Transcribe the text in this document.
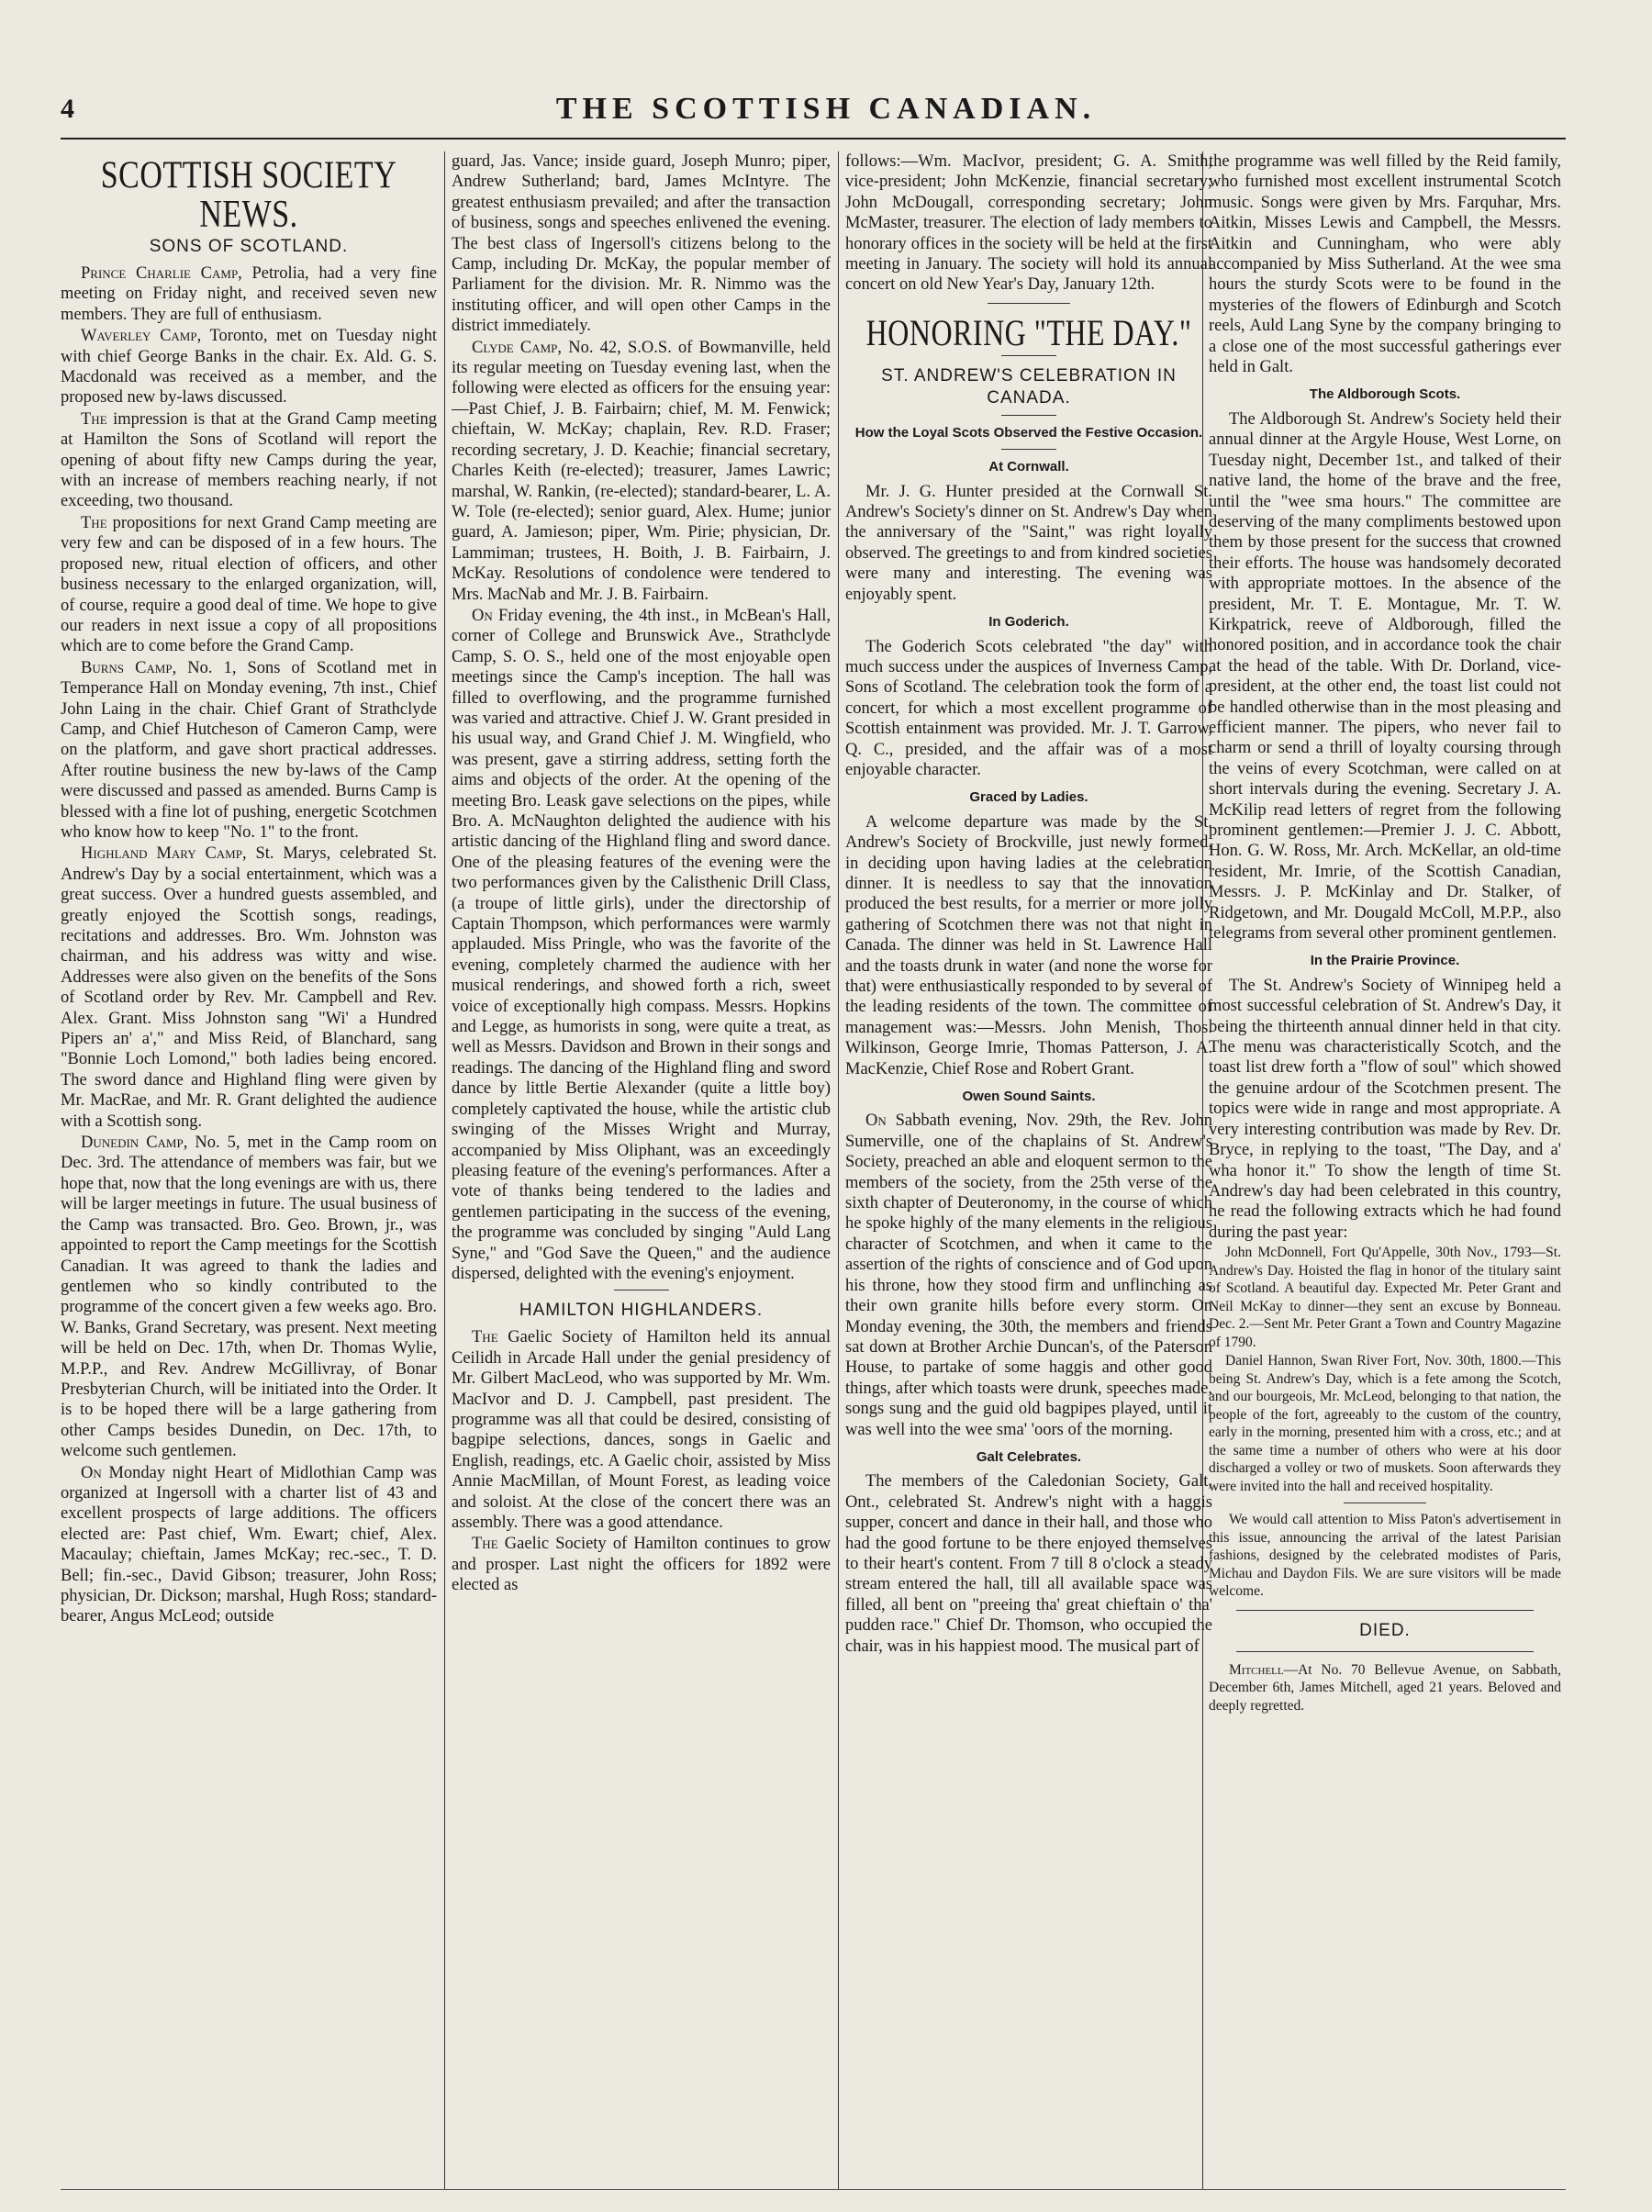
4	THE SCOTTISH CANADIAN.
SCOTTISH SOCIETY NEWS.
SONS OF SCOTLAND.

Prince Charlie Camp, Petrolia, had a very fine meeting on Friday night, and received seven new members. They are full of enthusiasm.

Waverley Camp, Toronto, met on Tuesday night with chief George Banks in the chair. Ex. Ald. G. S. Macdonald was received as a member, and the proposed new by-laws discussed.

The impression is that at the Grand Camp meeting at Hamilton the Sons of Scotland will report the opening of about fifty new Camps during the year, with an increase of members reaching nearly, if not exceeding, two thousand.

The propositions for next Grand Camp meeting are very few and can be disposed of in a few hours. The proposed new, ritual election of officers, and other business necessary to the enlarged organization, will, of course, require a good deal of time. We hope to give our readers in next issue a copy of all propositions which are to come before the Grand Camp.

Burns Camp, No. 1, Sons of Scotland met in Temperance Hall on Monday evening, 7th inst., Chief John Laing in the chair. Chief Grant of Strathclyde Camp, and Chief Hutcheson of Cameron Camp, were on the platform, and gave short practical addresses. After routine business the new by-laws of the Camp were discussed and passed as amended. Burns Camp is blessed with a fine lot of pushing, energetic Scotchmen who know how to keep "No. 1" to the front.

Highland Mary Camp, St. Marys, celebrated St. Andrew's Day by a social entertainment, which was a great success. Over a hundred guests assembled, and greatly enjoyed the Scottish songs, readings, recitations and addresses. Bro. Wm. Johnston was chairman, and his address was witty and wise. Addresses were also given on the benefits of the Sons of Scotland order by Rev. Mr. Campbell and Rev. Alex. Grant. Miss Johnston sang "Wi' a Hundred Pipers an' a'," and Miss Reid, of Blanchard, sang "Bonnie Loch Lomond," both ladies being encored. The sword dance and Highland fling were given by Mr. MacRae, and Mr. R. Grant delighted the audience with a Scottish song.

Dunedin Camp, No. 5, met in the Camp room on Dec. 3rd. The attendance of members was fair, but we hope that, now that the long evenings are with us, there will be larger meetings in future. The usual business of the Camp was transacted. Bro. Geo. Brown, jr., was appointed to report the Camp meetings for the Scottish Canadian. It was agreed to thank the ladies and gentlemen who so kindly contributed to the programme of the concert given a few weeks ago. Bro. W. Banks, Grand Secretary, was present. Next meeting will be held on Dec. 17th, when Dr. Thomas Wylie, M.P.P., and Rev. Andrew McGillivray, of Bonar Presbyterian Church, will be initiated into the Order. It is to be hoped there will be a large gathering from other Camps besides Dunedin, on Dec. 17th, to welcome such gentlemen.

On Monday night Heart of Midlothian Camp was organized at Ingersoll with a charter list of 43 and excellent prospects of large additions. The officers elected are: Past chief, Wm. Ewart; chief, Alex. Macaulay; chieftain, James McKay; rec.-sec., T. D. Bell; fin.-sec., David Gibson; treasurer, John Ross; physician, Dr. Dickson; marshal, Hugh Ross; standard-bearer, Angus McLeod; outside

guard, Jas. Vance; inside guard, Joseph Munro; piper, Andrew Sutherland; bard, James McIntyre. The greatest enthusiasm prevailed; and after the transaction of business, songs and speeches enlivened the evening. The best class of Ingersoll's citizens belong to the Camp, including Dr. McKay, the popular member of Parliament for the division. Mr. R. Nimmo was the instituting officer, and will open other Camps in the district immediately.

Clyde Camp, No. 42, S.O.S. of Bowmanville, held its regular meeting on Tuesday evening last, when the following were elected as officers for the ensuing year:—Past Chief, J. B. Fairbairn; chief, M. M. Fenwick; chieftain, W. McKay; chaplain, Rev. R.D. Fraser; recording secretary, J. D. Keachie; financial secretary, Charles Keith (re-elected); treasurer, James Lawric; marshal, W. Rankin, (re-elected); standard-bearer, L. A. W. Tole (re-elected); senior guard, Alex. Hume; junior guard, A. Jamieson; piper, Wm. Pirie; physician, Dr. Lammiman; trustees, H. Boith, J. B. Fairbairn, J. McKay. Resolutions of condolence were tendered to Mrs. MacNab and Mr. J. B. Fairbairn.

On Friday evening, the 4th inst., in McBean's Hall, corner of College and Brunswick Ave., Strathclyde Camp, S. O. S., held one of the most enjoyable open meetings since the Camp's inception. The hall was filled to overflowing, and the programme furnished was varied and attractive. Chief J. W. Grant presided in his usual way, and Grand Chief J. M. Wingfield, who was present, gave a stirring address, setting forth the aims and objects of the order. At the opening of the meeting Bro. Leask gave selections on the pipes, while Bro. A. McNaughton delighted the audience with his artistic dancing of the Highland fling and sword dance. One of the pleasing features of the evening were the two performances given by the Calisthenic Drill Class, (a troupe of little girls), under the directorship of Captain Thompson, which performances were warmly applauded. Miss Pringle, who was the favorite of the evening, completely charmed the audience with her musical renderings, and showed forth a rich, sweet voice of exceptionally high compass. Messrs. Hopkins and Legge, as humorists in song, were quite a treat, as well as Messrs. Davidson and Brown in their songs and readings. The dancing of the Highland fling and sword dance by little Bertie Alexander (quite a little boy) completely captivated the house, while the artistic club swinging of the Misses Wright and Murray, accompanied by Miss Oliphant, was an exceedingly pleasing feature of the evening's performances. After a vote of thanks being tendered to the ladies and gentlemen participating in the success of the evening, the programme was concluded by singing "Auld Lang Syne," and "God Save the Queen," and the audience dispersed, delighted with the evening's enjoyment.

HAMILTON HIGHLANDERS.

The Gaelic Society of Hamilton held its annual Ceilidh in Arcade Hall under the genial presidency of Mr. Gilbert MacLeod, who was supported by Mr. Wm. MacIvor and D. J. Campbell, past president. The programme was all that could be desired, consisting of bagpipe selections, dances, songs in Gaelic and English, readings, etc. A Gaelic choir, assisted by Miss Annie MacMillan, of Mount Forest, as leading voice and soloist. At the close of the concert there was an assembly. There was a good attendance.

The Gaelic Society of Hamilton continues to grow and prosper. Last night the officers for 1892 were elected as

follows:—Wm. MacIvor, president; G. A. Smith, vice-president; John McKenzie, financial secretary; John McDougall, corresponding secretary; John McMaster, treasurer. The election of lady members to honorary offices in the society will be held at the first meeting in January. The society will hold its annual concert on old New Year's Day, January 12th.

HONORING "THE DAY."
ST. ANDREW'S CELEBRATION IN CANADA.
How the Loyal Scots Observed the Festive Occasion.
At Cornwall.

Mr. J. G. Hunter presided at the Cornwall St. Andrew's Society's dinner on St. Andrew's Day when the anniversary of the "Saint," was right loyally observed. The greetings to and from kindred societies were many and interesting. The evening was enjoyably spent.

In Goderich.

The Goderich Scots celebrated "the day" with much success under the auspices of Inverness Camp, Sons of Scotland. The celebration took the form of a concert, for which a most excellent programme of Scottish entainment was provided. Mr. J. T. Garrow, Q. C., presided, and the affair was of a most enjoyable character.

Graced by Ladies.

A welcome departure was made by the St. Andrew's Society of Brockville, just newly formed, in deciding upon having ladies at the celebration dinner. It is needless to say that the innovation produced the best results, for a merrier or more jolly gathering of Scotchmen there was not that night in Canada. The dinner was held in St. Lawrence Hall and the toasts drunk in water (and none the worse for that) were enthusiastically responded to by several of the leading residents of the town. The committee of management was:—Messrs. John Menish, Thos. Wilkinson, George Imrie, Thomas Patterson, J. A. MacKenzie, Chief Rose and Robert Grant.

Owen Sound Saints.

On Sabbath evening, Nov. 29th, the Rev. John Sumerville, one of the chaplains of St. Andrew's Society, preached an able and eloquent sermon to the members of the society, from the 25th verse of the sixth chapter of Deuteronomy, in the course of which he spoke highly of the many elements in the religious character of Scotchmen, and when it came to the assertion of the rights of conscience and of God upon his throne, how they stood firm and unflinching as their own granite hills before every storm. On Monday evening, the 30th, the members and friends sat down at Brother Archie Duncan's, of the Paterson House, to partake of some haggis and other good things, after which toasts were drunk, speeches made, songs sung and the guid old bagpipes played, until it was well into the wee sma' 'oors of the morning.

Galt Celebrates.

The members of the Caledonian Society, Galt, Ont., celebrated St. Andrew's night with a haggis supper, concert and dance in their hall, and those who had the good fortune to be there enjoyed themselves to their heart's content. From 7 till 8 o'clock a steady stream entered the hall, till all available space was filled, all bent on "preeing tha' great chieftain o' tha' pudden race." Chief Dr. Thomson, who occupied the chair, was in his happiest mood. The musical part of

the programme was well filled by the Reid family, who furnished most excellent instrumental Scotch music. Songs were given by Mrs. Farquhar, Mrs. Aitkin, Misses Lewis and Campbell, the Messrs. Aitkin and Cunningham, who were ably accompanied by Miss Sutherland. At the wee sma hours the sturdy Scots were to be found in the mysteries of the flowers of Edinburgh and Scotch reels, Auld Lang Syne by the company bringing to a close one of the most successful gatherings ever held in Galt.

The Aldborough Scots.

The Aldborough St. Andrew's Society held their annual dinner at the Argyle House, West Lorne, on Tuesday night, December 1st., and talked of their native land, the home of the brave and the free, until the "wee sma hours." The committee are deserving of the many compliments bestowed upon them by those present for the success that crowned their efforts. The house was handsomely decorated with appropriate mottoes. In the absence of the president, Mr. T. E. Montague, Mr. T. W. Kirkpatrick, reeve of Aldborough, filled the honored position, and in accordance took the chair at the head of the table. With Dr. Dorland, vice-president, at the other end, the toast list could not be handled otherwise than in the most pleasing and efficient manner. The pipers, who never fail to charm or send a thrill of loyalty coursing through the veins of every Scotchman, were called on at short intervals during the evening. Secretary J. A. McKilip read letters of regret from the following prominent gentlemen:—Premier J. J. C. Abbott, Hon. G. W. Ross, Mr. Arch. McKellar, an old-time resident, Mr. Imrie, of the Scottish Canadian, Messrs. J. P. McKinlay and Dr. Stalker, of Ridgetown, and Mr. Dougald McColl, M.P.P., also telegrams from several other prominent gentlemen.

In the Prairie Province.

The St. Andrew's Society of Winnipeg held a most successful celebration of St. Andrew's Day, it being the thirteenth annual dinner held in that city. The menu was characteristically Scotch, and the toast list drew forth a "flow of soul" which showed the genuine ardour of the Scotchmen present. The topics were wide in range and most appropriate. A very interesting contribution was made by Rev. Dr. Bryce, in replying to the toast, "The Day, and a' wha honor it." To show the length of time St. Andrew's day had been celebrated in this country, he read the following extracts which he had found during the past year:

John McDonnell, Fort Qu'Appelle, 30th Nov., 1793—St. Andrew's Day. Hoisted the flag in honor of the titulary saint of Scotland. A beautiful day. Expected Mr. Peter Grant and Neil McKay to dinner—they sent an excuse by Bonneau. Dec. 2.—Sent Mr. Peter Grant a Town and Country Magazine of 1790.

Daniel Hannon, Swan River Fort, Nov. 30th, 1800.—This being St. Andrew's Day, which is a fete among the Scotch, and our bourgeois, Mr. McLeod, belonging to that nation, the people of the fort, agreeably to the custom of the country, early in the morning, presented him with a cross, etc.; and at the same time a number of others who were at his door discharged a volley or two of muskets. Soon afterwards they were invited into the hall and received hospitality.

We would call attention to Miss Paton's advertisement in this issue, announcing the arrival of the latest Parisian fashions, designed by the celebrated modistes of Paris, Michau and Daydon Fils. We are sure visitors will be made welcome.

DIED.

Mitchell—At No. 70 Bellevue Avenue, on Sabbath, December 6th, James Mitchell, aged 21 years. Beloved and deeply regretted.
